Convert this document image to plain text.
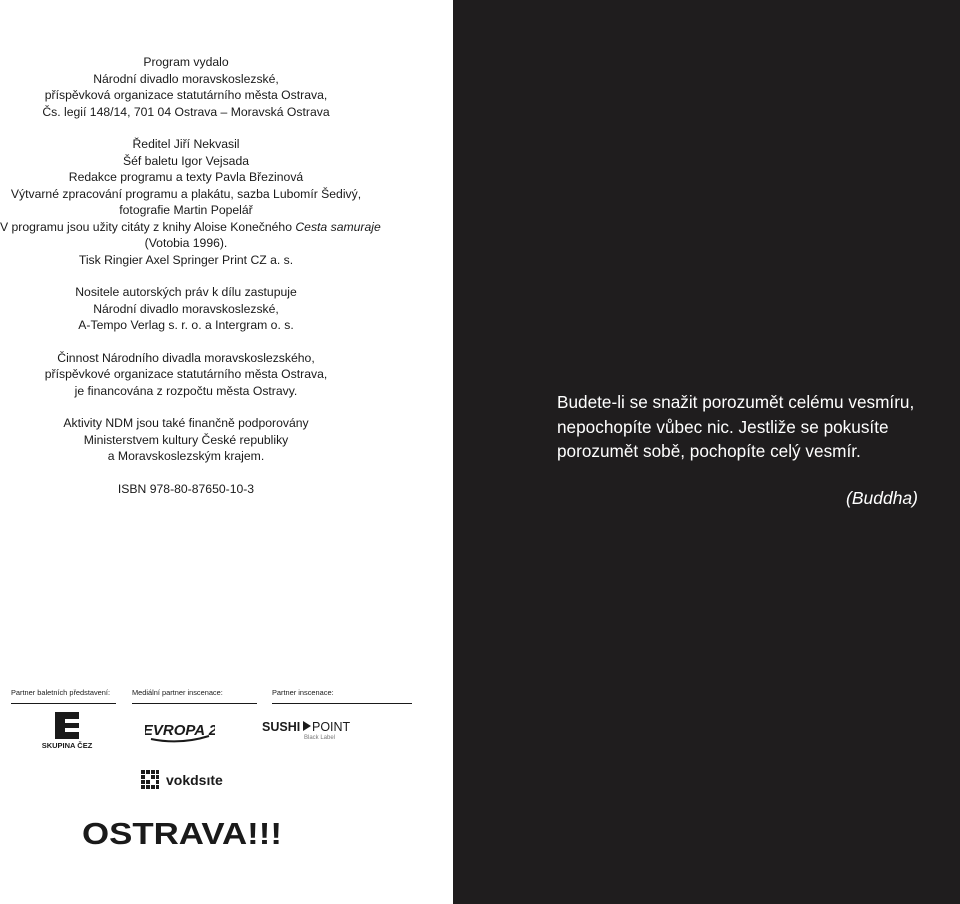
Program vydalo
Národní divadlo moravskoslezské,
příspěvková organizace statutárního města Ostrava,
Čs. legií 148/14, 701 04 Ostrava – Moravská Ostrava
Ředitel Jiří Nekvasil
Šéf baletu Igor Vejsada
Redakce programu a texty Pavla Březinová
Výtvarné zpracování programu a plakátu, sazba Lubomír Šedivý,
fotografie Martin Popelář
V programu jsou užity citáty z knihy Aloise Konečného Cesta samuraje
(Votobia 1996).
Tisk Ringier Axel Springer Print CZ a. s.
Nositele autorských práv k dílu zastupuje
Národní divadlo moravskoslezské,
A-Tempo Verlag s. r. o. a Intergram o. s.
Činnost Národního divadla moravskoslezského,
příspěvkové organizace statutárního města Ostrava,
je financována z rozpočtu města Ostravy.
Aktivity NDM jsou také finančně podporovány
Ministerstvem kultury České republiky
a Moravskoslezským krajem.
ISBN 978-80-87650-10-3
Partner baletních představení:	Mediální partner inscenace:	Partner inscenace:
SKUPINA ČEZ
EVROPA 2	SUSHI POINT
Black Label
vokdsıte
OSTRAVA!!!
Budete-li se snažit porozumět celému vesmíru,
nepochopíte vůbec nic. Jestliže se pokusíte
porozumět sobě, pochopíte celý vesmír.
(Buddha)
